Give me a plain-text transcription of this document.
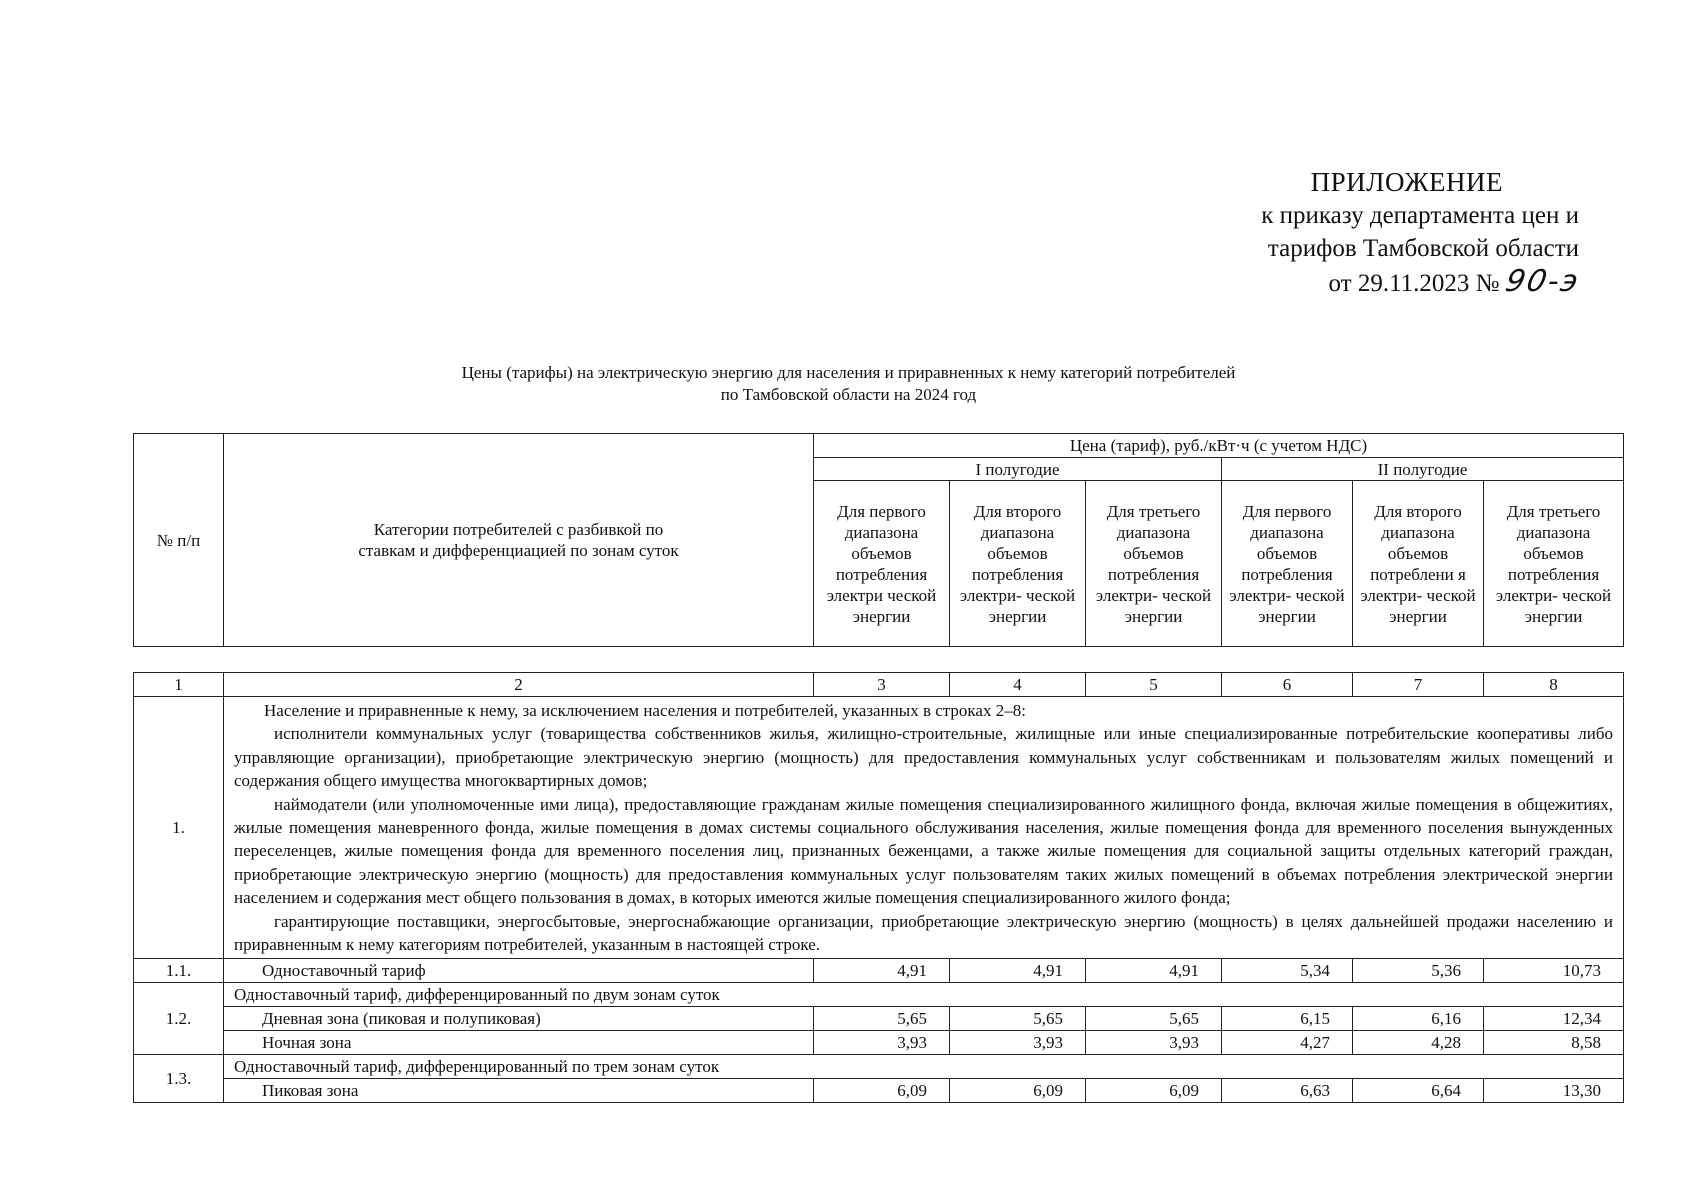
ПРИЛОЖЕНИЕ
к приказу департамента цен и
тарифов Тамбовской области
от 29.11.2023 №90-э
Цены (тарифы) на электрическую энергию для населения и приравненных к нему категорий потребителей
по Тамбовской области на 2024 год
№ п/п	Категории потребителей с разбивкой по ставкам и дифференциацией по зонам суток	Цена (тариф), руб./кВт·ч (с учетом НДС)					
		I полугодие			II полугодие		
		Для первого диапазона объемов потребления электри ческой энергии	Для второго диапазона объемов потребления электри- ческой энергии	Для третьего диапазона объемов потребления электри- ческой энергии	Для первого диапазона объемов потребления электри- ческой энергии	Для второго диапазона объемов потреблени я электри- ческой энергии	Для третьего диапазона объемов потребления электри- ческой энергии
1	2	3	4	5	6	7	8
1.	Население и приравненные к нему, за исключением населения и потребителей, указанных в строках 2–8:

исполнители коммунальных услуг (товарищества собственников жилья, жилищно-строительные, жилищные или иные специализированные потребительские кооперативы либо управляющие организации), приобретающие электрическую энергию (мощность) для предоставления коммунальных услуг собственникам и пользователям жилых помещений и содержания общего имущества многоквартирных домов;

наймодатели (или уполномоченные ими лица), предоставляющие гражданам жилые помещения специализированного жилищного фонда, включая жилые помещения в общежитиях, жилые помещения маневренного фонда, жилые помещения в домах системы социального обслуживания населения, жилые помещения фонда для временного поселения вынужденных переселенцев, жилые помещения фонда для временного поселения лиц, признанных беженцами, а также жилые помещения для социальной защиты отдельных категорий граждан, приобретающие электрическую энергию (мощность) для предоставления коммунальных услуг пользователям таких жилых помещений в объемах потребления электрической энергии населением и содержания мест общего пользования в домах, в которых имеются жилые помещения специализированного жилого фонда;

гарантирующие поставщики, энергосбытовые, энергоснабжающие организации, приобретающие электрическую энергию (мощность) в целях дальнейшей продажи населению и приравненным к нему категориям потребителей, указанным в настоящей строке.						

1.1.	Одноставочный тариф	4,91	4,91	4,91	5,34	5,36	10,73
1.2.	Одноставочный тариф, дифференцированный по двум зонам суток						
	Дневная зона (пиковая и полупиковая)	5,65	5,65	5,65	6,15	6,16	12,34
	Ночная зона	3,93	3,93	3,93	4,27	4,28	8,58
1.3.	Одноставочный тариф, дифференцированный по трем зонам суток						
	Пиковая зона	6,09	6,09	6,09	6,63	6,64	13,30
